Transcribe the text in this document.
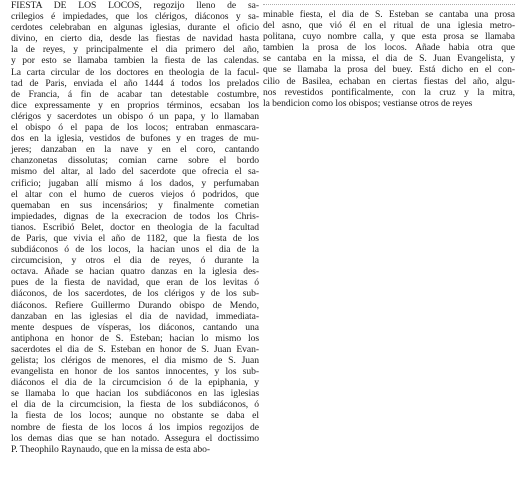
FIESTA DE LOS LOCOS, regozijo lleno de sa-
crilegios é impiedades, que los clérigos, diáconos y sa-
cerdotes celebraban en algunas iglesias, durante el oficio
divino, en cierto dia, desde las fiestas de navidad hasta
la de reyes, y principalmente el dia primero del año,
y por esto se llamaba tambien la fiesta de las calendas.
La carta circular de los doctores en theologia de la facul-
tad de Paris, enviada el año 1444 á todos los prelados
de Francia, á fin de acabar tan detestable costumbre,
dice expressamente y en proprios términos, ecsaban los
clérigos y sacerdotes un obispo ó un papa, y lo llamaban
el obispo ó el papa de los locos; entraban enmascara-
dos en la iglesia, vestidos de bufones y en trages de mu-
jeres; danzaban en la nave y en el coro, cantando
chanzonetas dissolutas; comian carne sobre el bordo
mismo del altar, al lado del sacerdote que ofrecia el sa-
crificio; jugaban allí mismo á los dados, y perfumaban
el altar con el humo de cueros viejos ó podridos, que
quemaban en sus incensários; y finalmente cometian
impiedades, dignas de la execracion de todos los Chris-
tianos. Escribió Belet, doctor en theologia de la facultad
de Paris, que vivia el año de 1182, que la fiesta de los
subdiáconos ó de los locos, la hacian unos el dia de la
circumcision, y otros el dia de reyes, ó durante la
octava. Añade se hacian quatro danzas en la iglesia des-
pues de la fiesta de navidad, que eran de los levitas ó
diáconos, de los sacerdotes, de los clérigos y de los sub-
diáconos. Refiere Guillermo Durando obispo de Mendo,
danzaban en las iglesias el dia de navidad, immediata-
mente despues de vísperas, los diáconos, cantando una
antiphona en honor de S. Esteban; hacian lo mismo los
sacerdotes el dia de S. Esteban en honor de S. Juan Evan-
gelista; los clérigos de menores, el dia mismo de S. Juan
evangelista en honor de los santos innocentes, y los sub-
diáconos el dia de la circumcision ó de la epiphania, y
se llamaba lo que hacian los subdiáconos en las iglesias
el dia de la circumcision, la fiesta de los subdiáconos, ó
la fiesta de los locos; aunque no obstante se daba el
nombre de fiesta de los locos á los impios regozijos de
los demas dias que se han notado. Assegura el doctissimo
P. Theophilo Raynaudo, que en la missa de esta abo-
minable fiesta, el dia de S. Esteban se cantaba una prosa
del asno, que vió él en el ritual de una iglesia metro-
politana, cuyo nombre calla, y que esta prosa se llamaba
tambien la prosa de los locos. Añade habia otra que
se cantaba en la missa, el dia de S. Juan Evangelista, y
que se llamaba la prosa del buey. Está dicho en el con-
cilio de Basilea, echaban en ciertas fiestas del año, algu-
nos revestidos pontificalmente, con la cruz y la mitra,
la bendicion como los obispos; vestianse otros de reyes
